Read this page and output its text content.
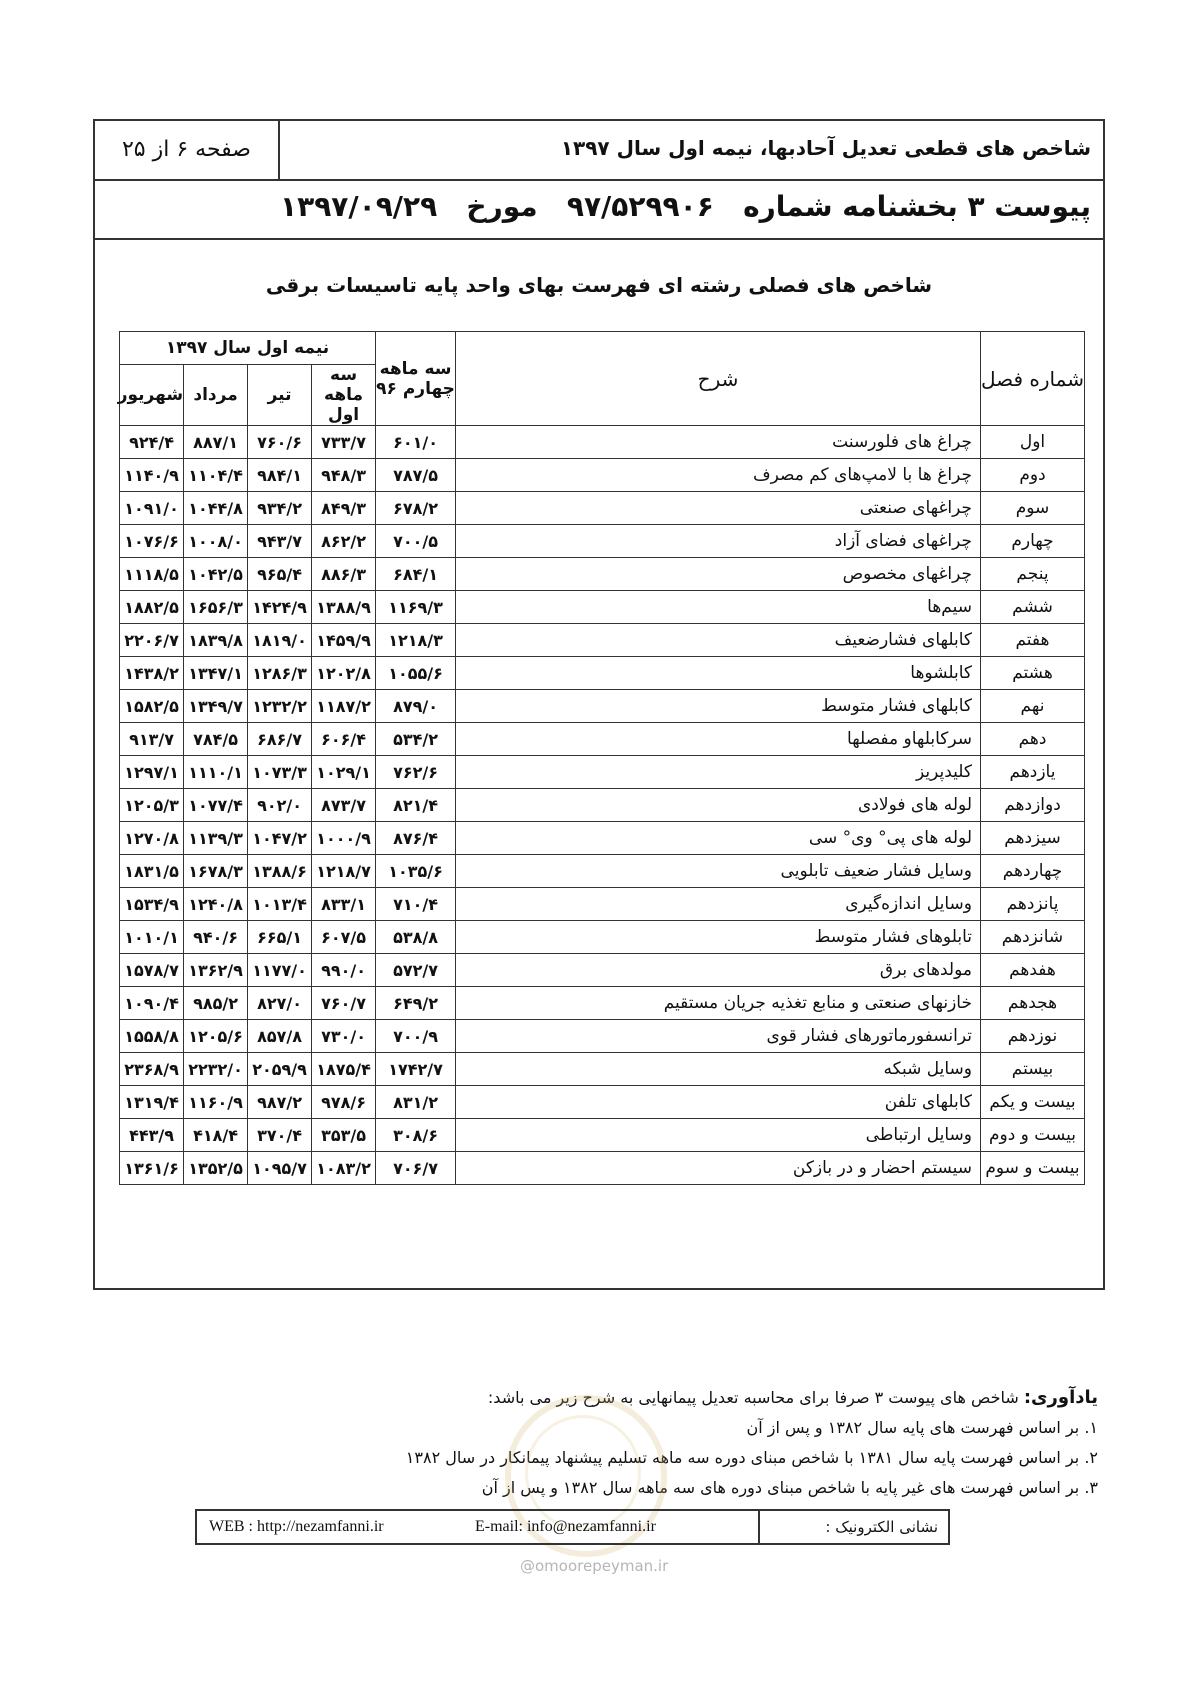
شاخص های قطعی تعدیل آحادبها، نیمه اول سال ۱۳۹۷
صفحه ۶ از ۲۵
پیوست ۳ بخشنامه شماره   ۹۷/۵۲۹۹۰۶   مورخ   ۱۳۹۷/۰۹/۲۹
شاخص های فصلی رشته ای فهرست بهای واحد پایه تاسیسات برقی
شماره فصل	شرح	سه ماهه چهارم ۹۶	نیمه اول سال ۱۳۹۷			
			سه ماهه اول	تیر	مرداد	شهریور
اول	چراغ های فلورسنت	۶۰۱/۰	۷۳۳/۷	۷۶۰/۶	۸۸۷/۱	۹۲۴/۴
دوم	چراغ ها با لامپ‌های کم مصرف	۷۸۷/۵	۹۴۸/۳	۹۸۴/۱	۱۱۰۴/۴	۱۱۴۰/۹
سوم	چراغهای صنعتی	۶۷۸/۲	۸۴۹/۳	۹۳۴/۲	۱۰۴۴/۸	۱۰۹۱/۰
چهارم	چراغهای فضای آزاد	۷۰۰/۵	۸۶۲/۲	۹۴۳/۷	۱۰۰۸/۰	۱۰۷۶/۶
پنجم	چراغهای مخصوص	۶۸۴/۱	۸۸۶/۳	۹۶۵/۴	۱۰۴۲/۵	۱۱۱۸/۵
ششم	سیم‌ها	۱۱۶۹/۳	۱۳۸۸/۹	۱۴۲۴/۹	۱۶۵۶/۳	۱۸۸۲/۵
هفتم	کابلهای فشارضعیف	۱۲۱۸/۳	۱۴۵۹/۹	۱۸۱۹/۰	۱۸۳۹/۸	۲۲۰۶/۷
هشتم	کابلشوها	۱۰۵۵/۶	۱۲۰۲/۸	۱۲۸۶/۳	۱۳۴۷/۱	۱۴۳۸/۲
نهم	کابلهای فشار متوسط	۸۷۹/۰	۱۱۸۷/۲	۱۲۳۲/۲	۱۳۴۹/۷	۱۵۸۲/۵
دهم	سرکابلهاو مفصلها	۵۳۴/۲	۶۰۶/۴	۶۸۶/۷	۷۸۴/۵	۹۱۳/۷
یازدهم	کلیدپریز	۷۶۲/۶	۱۰۲۹/۱	۱۰۷۳/۳	۱۱۱۰/۱	۱۲۹۷/۱
دوازدهم	لوله های فولادی	۸۲۱/۴	۸۷۳/۷	۹۰۲/۰	۱۰۷۷/۴	۱۲۰۵/۳
سیزدهم	لوله های پی° وی° سی	۸۷۶/۴	۱۰۰۰/۹	۱۰۴۷/۲	۱۱۳۹/۳	۱۲۷۰/۸
چهاردهم	وسایل فشار ضعیف تابلویی	۱۰۳۵/۶	۱۲۱۸/۷	۱۳۸۸/۶	۱۶۷۸/۳	۱۸۳۱/۵
پانزدهم	وسایل اندازه‌گیری	۷۱۰/۴	۸۳۳/۱	۱۰۱۳/۴	۱۲۴۰/۸	۱۵۳۴/۹
شانزدهم	تابلوهای فشار متوسط	۵۳۸/۸	۶۰۷/۵	۶۶۵/۱	۹۴۰/۶	۱۰۱۰/۱
هفدهم	مولدهای برق	۵۷۲/۷	۹۹۰/۰	۱۱۷۷/۰	۱۳۶۲/۹	۱۵۷۸/۷
هجدهم	خازنهای صنعتی و منابع تغذیه جریان مستقیم	۶۴۹/۲	۷۶۰/۷	۸۲۷/۰	۹۸۵/۲	۱۰۹۰/۴
نوزدهم	ترانسفورماتورهای فشار قوی	۷۰۰/۹	۷۳۰/۰	۸۵۷/۸	۱۲۰۵/۶	۱۵۵۸/۸
بیستم	وسایل شبکه	۱۷۴۲/۷	۱۸۷۵/۴	۲۰۵۹/۹	۲۲۳۲/۰	۲۳۶۸/۹
بیست و یکم	کابلهای تلفن	۸۳۱/۲	۹۷۸/۶	۹۸۷/۲	۱۱۶۰/۹	۱۳۱۹/۴
بیست و دوم	وسایل ارتباطی	۳۰۸/۶	۳۵۳/۵	۳۷۰/۴	۴۱۸/۴	۴۴۳/۹
بیست و سوم	سیستم احضار و در بازکن	۷۰۶/۷	۱۰۸۳/۲	۱۰۹۵/۷	۱۳۵۲/۵	۱۳۶۱/۶
یادآوری: شاخص های پیوست ۳ صرفا برای محاسبه تعدیل پیمانهایی به شرح زیر می باشد:
۱. بر اساس فهرست های پایه سال ۱۳۸۲ و پس از آن
۲. بر اساس فهرست پایه سال ۱۳۸۱ با شاخص مبنای دوره سه ماهه تسلیم پیشنهاد پیمانکار در سال ۱۳۸۲
۳. بر اساس فهرست های غیر پایه با شاخص مبنای دوره های سه ماهه سال ۱۳۸۲ و پس از آن
نشانی الکترونیک :
E-mail: info@nezamfanni.ir
WEB : http://nezamfanni.ir
@omoorepeyman.ir
